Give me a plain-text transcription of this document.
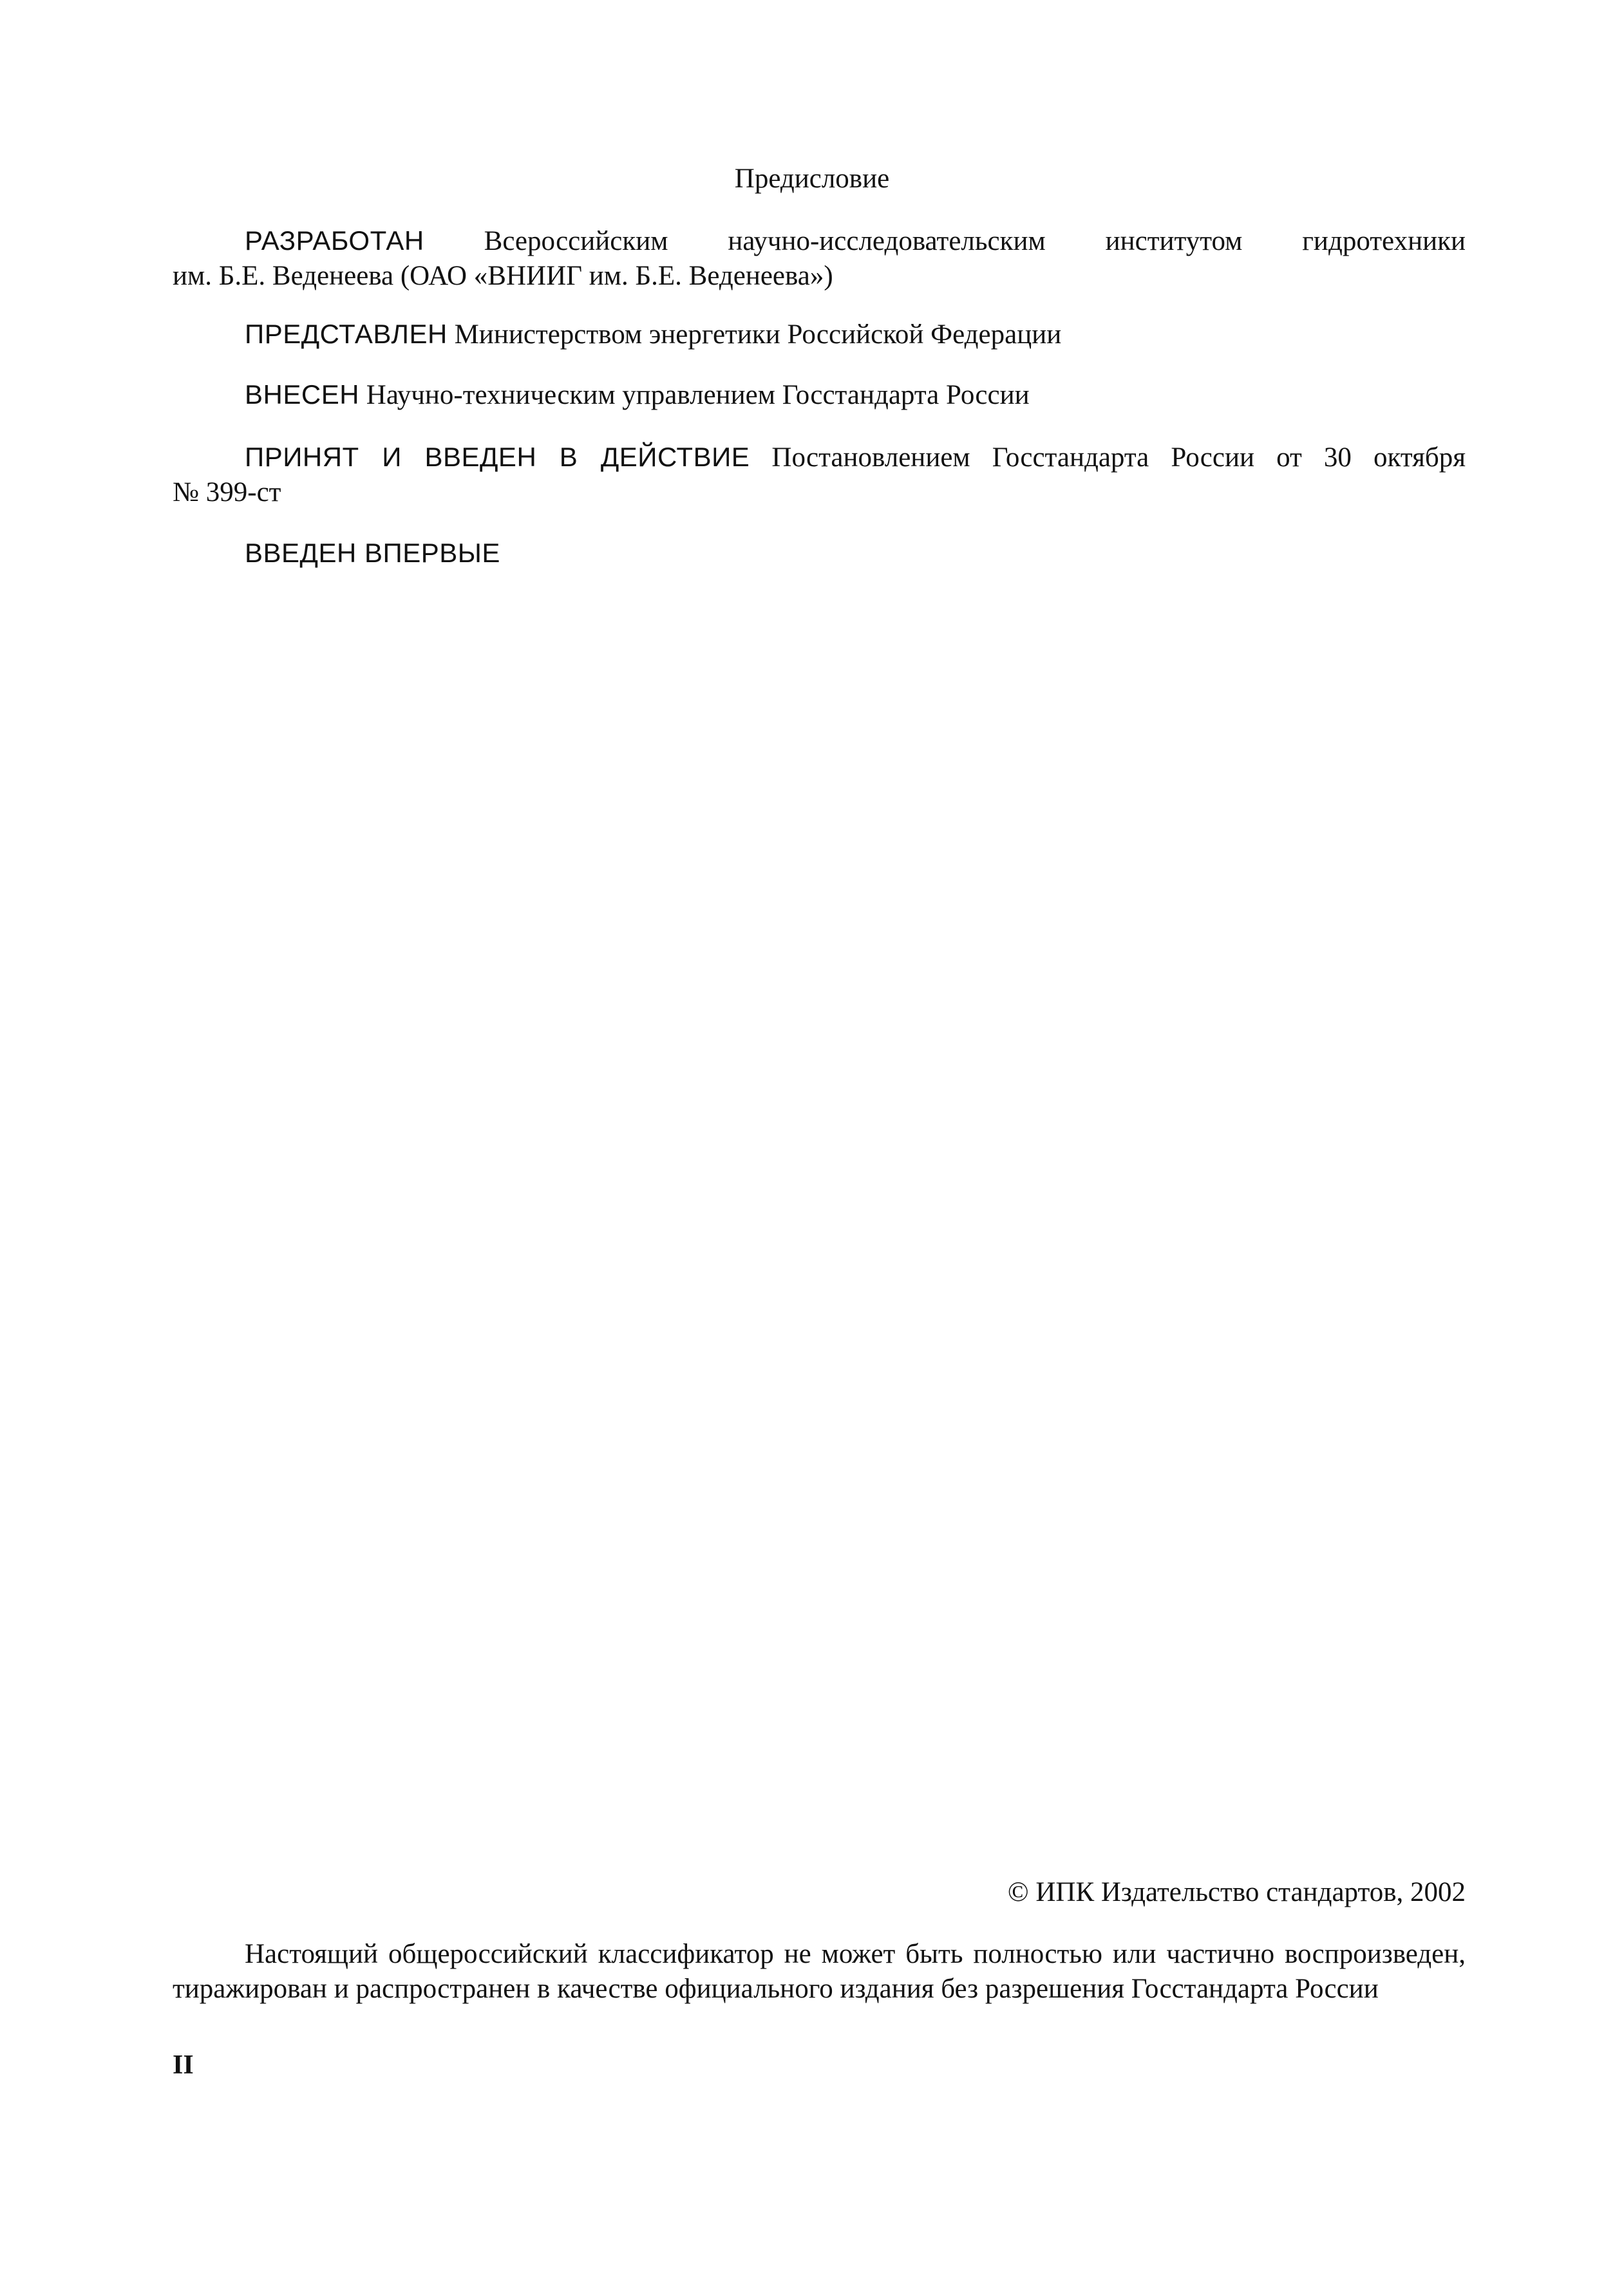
Предисловие
РАЗРАБОТАН Всероссийским научно-исследовательским институтом гидротехники
им. Б.Е. Веденеева (ОАО «ВНИИГ им. Б.Е. Веденеева»)
ПРЕДСТАВЛЕН Министерством энергетики Российской Федерации
ВНЕСЕН Научно-техническим управлением Госстандарта России
ПРИНЯТ И ВВЕДЕН В ДЕЙСТВИЕ Постановлением Госстандарта России от 30 октября
№ 399-ст
ВВЕДЕН ВПЕРВЫЕ
© ИПК Издательство стандартов, 2002

Настоящий общероссийский классификатор не может быть полностью или частично воспроизведен, тиражирован и распространен в качестве официального издания без разрешения Госстандарта России

II
